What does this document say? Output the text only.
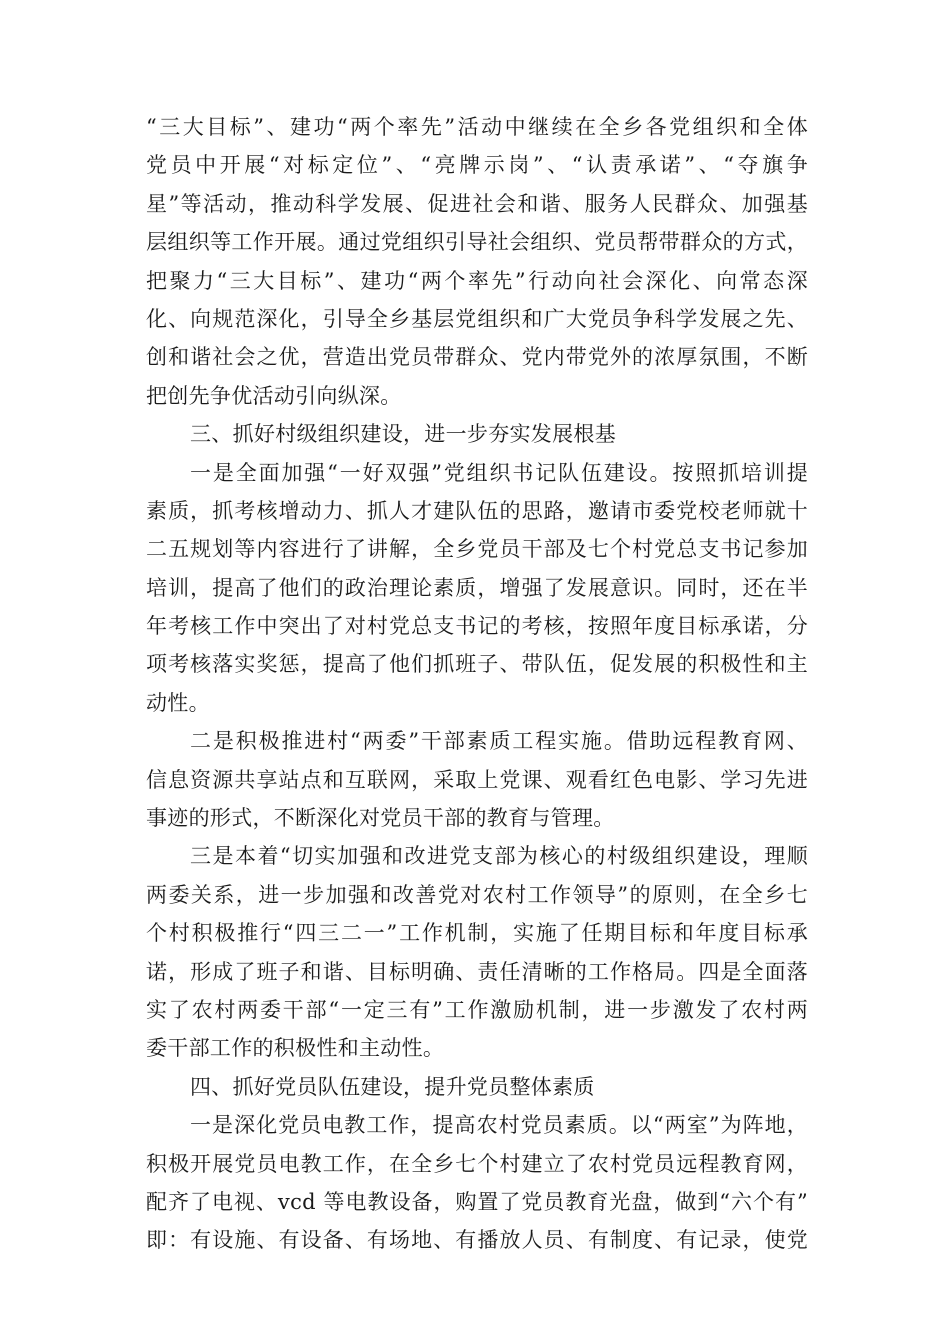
“三大目标”、建功“两个率先”活动中继续在全乡各党组织和全体
党员中开展“对标定位”、“亮牌示岗”、“认责承诺”、“夺旗争
星”等活动，推动科学发展、促进社会和谐、服务人民群众、加强基
层组织等工作开展。通过党组织引导社会组织、党员帮带群众的方式，
把聚力“三大目标”、建功“两个率先”行动向社会深化、向常态深
化、向规范深化，引导全乡基层党组织和广大党员争科学发展之先、
创和谐社会之优，营造出党员带群众、党内带党外的浓厚氛围，不断
把创先争优活动引向纵深。
三、抓好村级组织建设，进一步夯实发展根基
一是全面加强“一好双强”党组织书记队伍建设。按照抓培训提
素质，抓考核增动力、抓人才建队伍的思路，邀请市委党校老师就十
二五规划等内容进行了讲解，全乡党员干部及七个村党总支书记参加
培训，提高了他们的政治理论素质，增强了发展意识。同时，还在半
年考核工作中突出了对村党总支书记的考核，按照年度目标承诺，分
项考核落实奖惩，提高了他们抓班子、带队伍，促发展的积极性和主
动性。
二是积极推进村“两委”干部素质工程实施。借助远程教育网、
信息资源共享站点和互联网，采取上党课、观看红色电影、学习先进
事迹的形式，不断深化对党员干部的教育与管理。
三是本着“切实加强和改进党支部为核心的村级组织建设，理顺
两委关系，进一步加强和改善党对农村工作领导”的原则，在全乡七
个村积极推行“四三二一”工作机制，实施了任期目标和年度目标承
诺，形成了班子和谐、目标明确、责任清晰的工作格局。四是全面落
实了农村两委干部“一定三有”工作激励机制，进一步激发了农村两
委干部工作的积极性和主动性。
四、抓好党员队伍建设，提升党员整体素质
一是深化党员电教工作，提高农村党员素质。以“两室”为阵地，
积极开展党员电教工作，在全乡七个村建立了农村党员远程教育网，
配齐了电视、vcd 等电教设备，购置了党员教育光盘，做到“六个有”
即：有设施、有设备、有场地、有播放人员、有制度、有记录，使党
